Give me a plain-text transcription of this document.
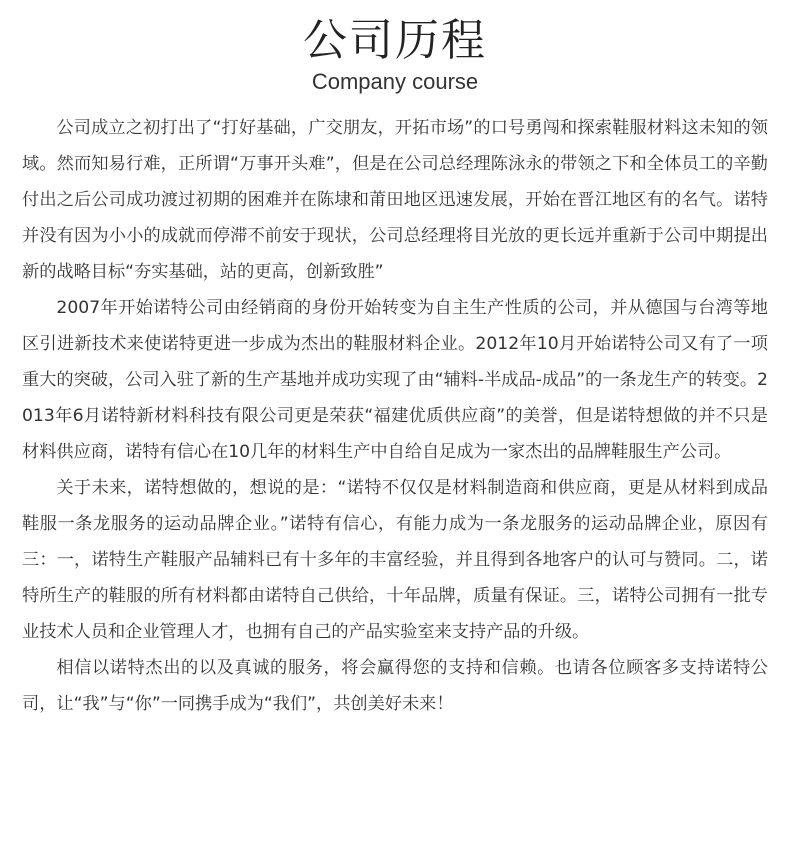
公司历程
Company course

公司成立之初打出了“打好基础，广交朋友，开拓市场”的口号勇闯和探索鞋服材料这未知的领域。然而知易行难，正所谓“万事开头难”，但是在公司总经理陈泳永的带领之下和全体员工的辛勤付出之后公司成功渡过初期的困难并在陈埭和莆田地区迅速发展，开始在晋江地区有的名气。诺特并没有因为小小的成就而停滞不前安于现状，公司总经理将目光放的更长远并重新于公司中期提出新的战略目标“夯实基础，站的更高，创新致胜”

2007年开始诺特公司由经销商的身份开始转变为自主生产性质的公司，并从德国与台湾等地区引进新技术来使诺特更进一步成为杰出的鞋服材料企业。2012年10月开始诺特公司又有了一项重大的突破，公司入驻了新的生产基地并成功实现了由“辅料-半成品-成品”的一条龙生产的转变。2013年6月诺特新材料科技有限公司更是荣获“福建优质供应商”的美誉，但是诺特想做的并不只是材料供应商，诺特有信心在10几年的材料生产中自给自足成为一家杰出的品牌鞋服生产公司。

关于未来，诺特想做的，想说的是：“诺特不仅仅是材料制造商和供应商，更是从材料到成品鞋服一条龙服务的运动品牌企业。”诺特有信心，有能力成为一条龙服务的运动品牌企业，原因有三：一，诺特生产鞋服产品辅料已有十多年的丰富经验，并且得到各地客户的认可与赞同。二，诺特所生产的鞋服的所有材料都由诺特自己供给，十年品牌，质量有保证。三，诺特公司拥有一批专业技术人员和企业管理人才，也拥有自己的产品实验室来支持产品的升级。

相信以诺特杰出的以及真诚的服务，将会赢得您的支持和信赖。也请各位顾客多支持诺特公司，让“我”与“你”一同携手成为“我们”，共创美好未来！
